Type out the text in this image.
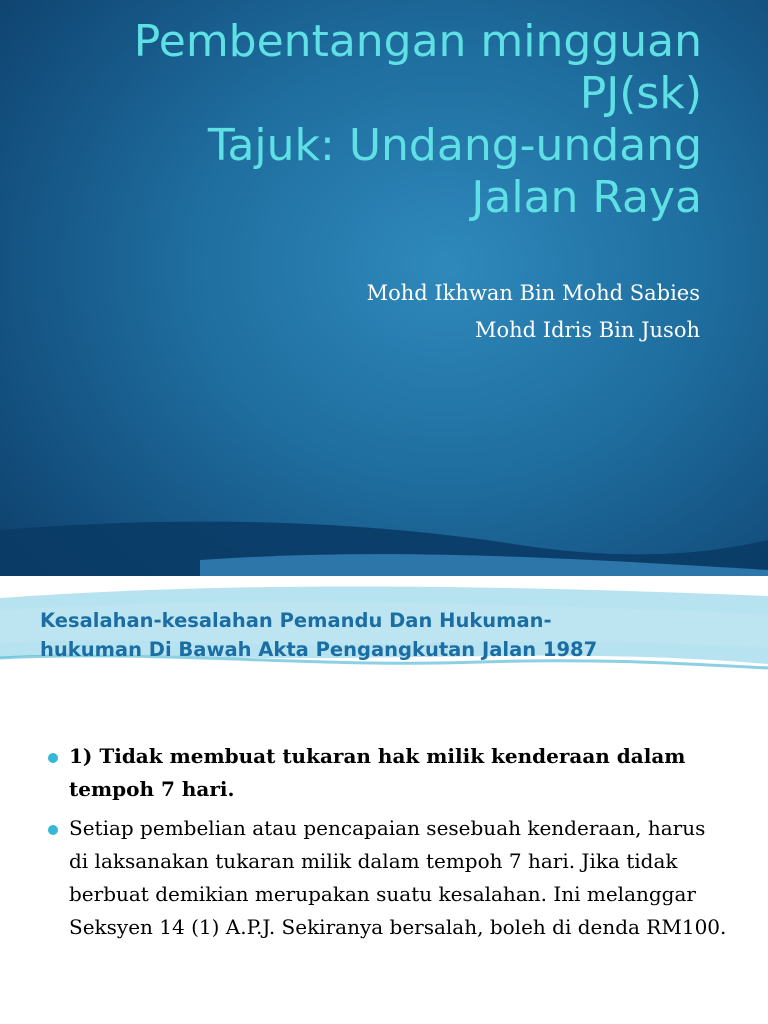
Pembentangan mingguan
PJ(sk)
Tajuk: Undang-undang
Jalan Raya
Mohd Ikhwan Bin Mohd Sabies
Mohd Idris Bin Jusoh
Kesalahan-kesalahan Pemandu Dan Hukuman-
hukuman Di Bawah Akta Pengangkutan Jalan 1987
1) Tidak membuat tukaran hak milik kenderaan dalam tempoh 7 hari.
Setiap pembelian atau pencapaian sesebuah kenderaan, harus di laksanakan tukaran milik dalam tempoh 7 hari. Jika tidak berbuat demikian merupakan suatu kesalahan. Ini melanggar Seksyen 14 (1) A.P.J. Sekiranya bersalah, boleh di denda RM100.
